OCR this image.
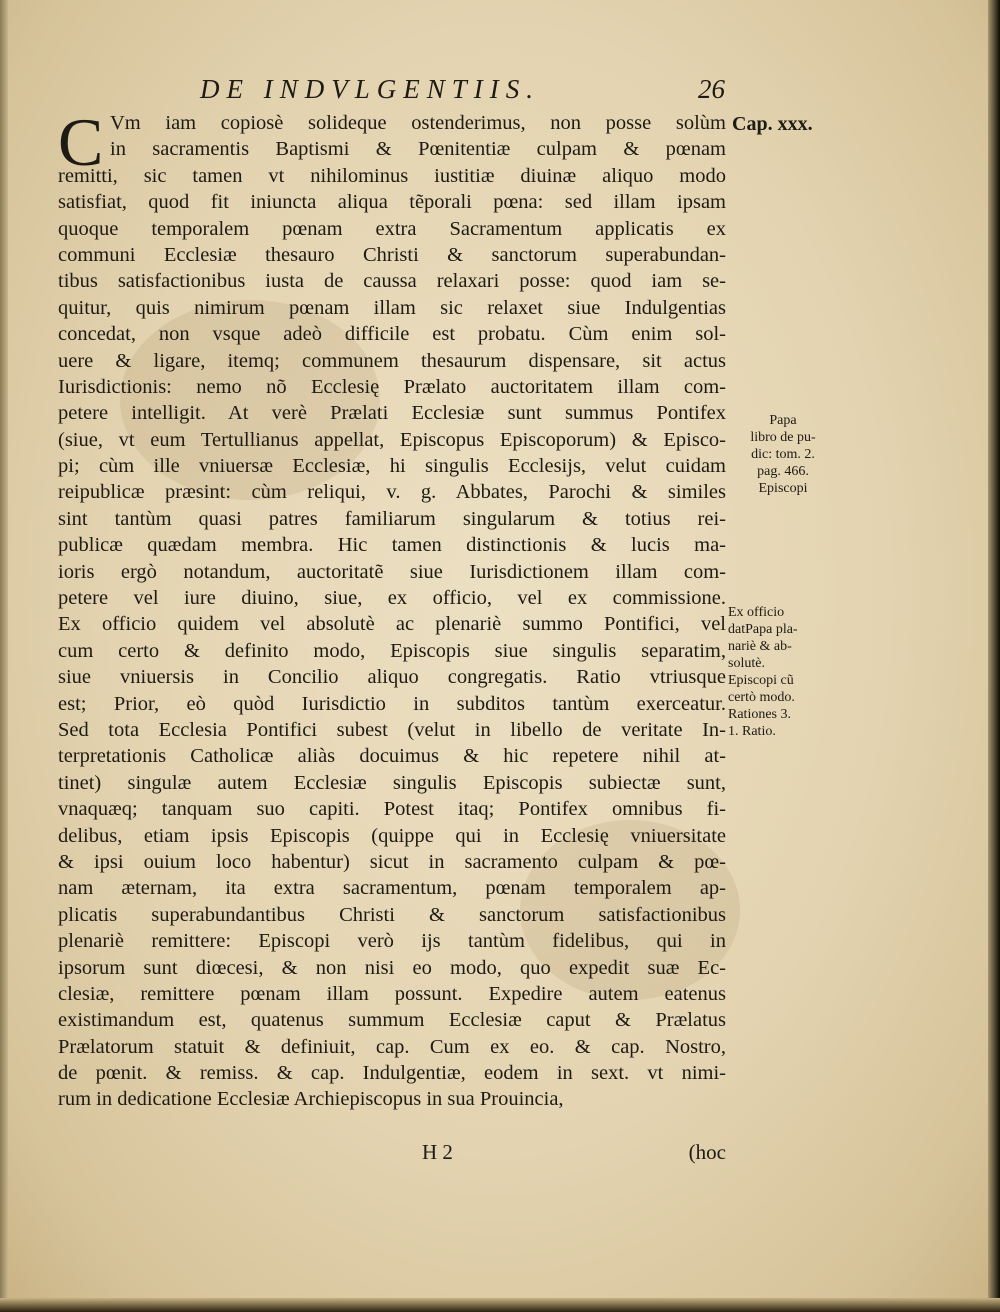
DE INDVLGENTIIS.	26
C Vm iam copiosè solideque ostenderimus, non posse solùm
in sacramentis Baptismi & Pœnitentiæ culpam & pœnam
remitti, sic tamen vt nihilominus iustitiæ diuinæ aliquo modo
satisfiat, quod fit iniuncta aliqua tẽporali pœna: sed illam ipsam
quoque temporalem pœnam extra Sacramentum applicatis ex
communi Ecclesiæ thesauro Christi & sanctorum superabundan-
tibus satisfactionibus iusta de caussa relaxari posse: quod iam se-
quitur, quis nimirum pœnam illam sic relaxet siue Indulgentias
concedat, non vsque adeò difficile est probatu. Cùm enim sol-
uere & ligare, itemq; communem thesaurum dispensare, sit actus
Iurisdictionis: nemo nõ Ecclesię Prælato auctoritatem illam com-
petere intelligit. At verè Prælati Ecclesiæ sunt summus Pontifex
(siue, vt eum Tertullianus appellat, Episcopus Episcoporum) & Episco-
pi; cùm ille vniuersæ Ecclesiæ, hi singulis Ecclesijs, velut cuidam
reipublicæ præsint: cùm reliqui, v. g. Abbates, Parochi & similes
sint tantùm quasi patres familiarum singularum & totius rei-
publicæ quædam membra. Hic tamen distinctionis & lucis ma-
ioris ergò notandum, auctoritatẽ siue Iurisdictionem illam com-
petere vel iure diuino, siue, ex officio, vel ex commissione.
Ex officio quidem vel absolutè ac plenariè summo Pontifici, vel
cum certo & definito modo, Episcopis siue singulis separatim,
siue vniuersis in Concilio aliquo congregatis. Ratio vtriusque
est; Prior, eò quòd Iurisdictio in subditos tantùm exerceatur.
Sed tota Ecclesia Pontifici subest (velut in libello de veritate In-
terpretationis Catholicæ aliàs docuimus & hic repetere nihil at-
tinet) singulæ autem Ecclesiæ singulis Episcopis subiectæ sunt,
vnaquæq; tanquam suo capiti. Potest itaq; Pontifex omnibus fi-
delibus, etiam ipsis Episcopis (quippe qui in Ecclesię vniuersitate
& ipsi ouium loco habentur) sicut in sacramento culpam & pœ-
nam æternam, ita extra sacramentum, pœnam temporalem ap-
plicatis superabundantibus Christi & sanctorum satisfactionibus
plenariè remittere: Episcopi verò ijs tantùm fidelibus, qui in
ipsorum sunt diœcesi, & non nisi eo modo, quo expedit suæ Ec-
clesiæ, remittere pœnam illam possunt. Expedire autem eatenus
existimandum est, quatenus summum Ecclesiæ caput & Prælatus
Prælatorum statuit & definiuit, cap. Cum ex eo. & cap. Nostro,
de pœnit. & remiss. & cap. Indulgentiæ, eodem in sext. vt nimi-
rum in dedicatione Ecclesiæ Archiepiscopus in sua Prouincia,
H 2	(hoc
Cap. xxx.
Papa
libro de pu-
dic: tom. 2.
pag. 466.
Episcopi
Ex officio
datPapa pla-
nariè & ab-
solutè.
Episcopi cũ
certò modo.
Rationes 3.
1. Ratio.
